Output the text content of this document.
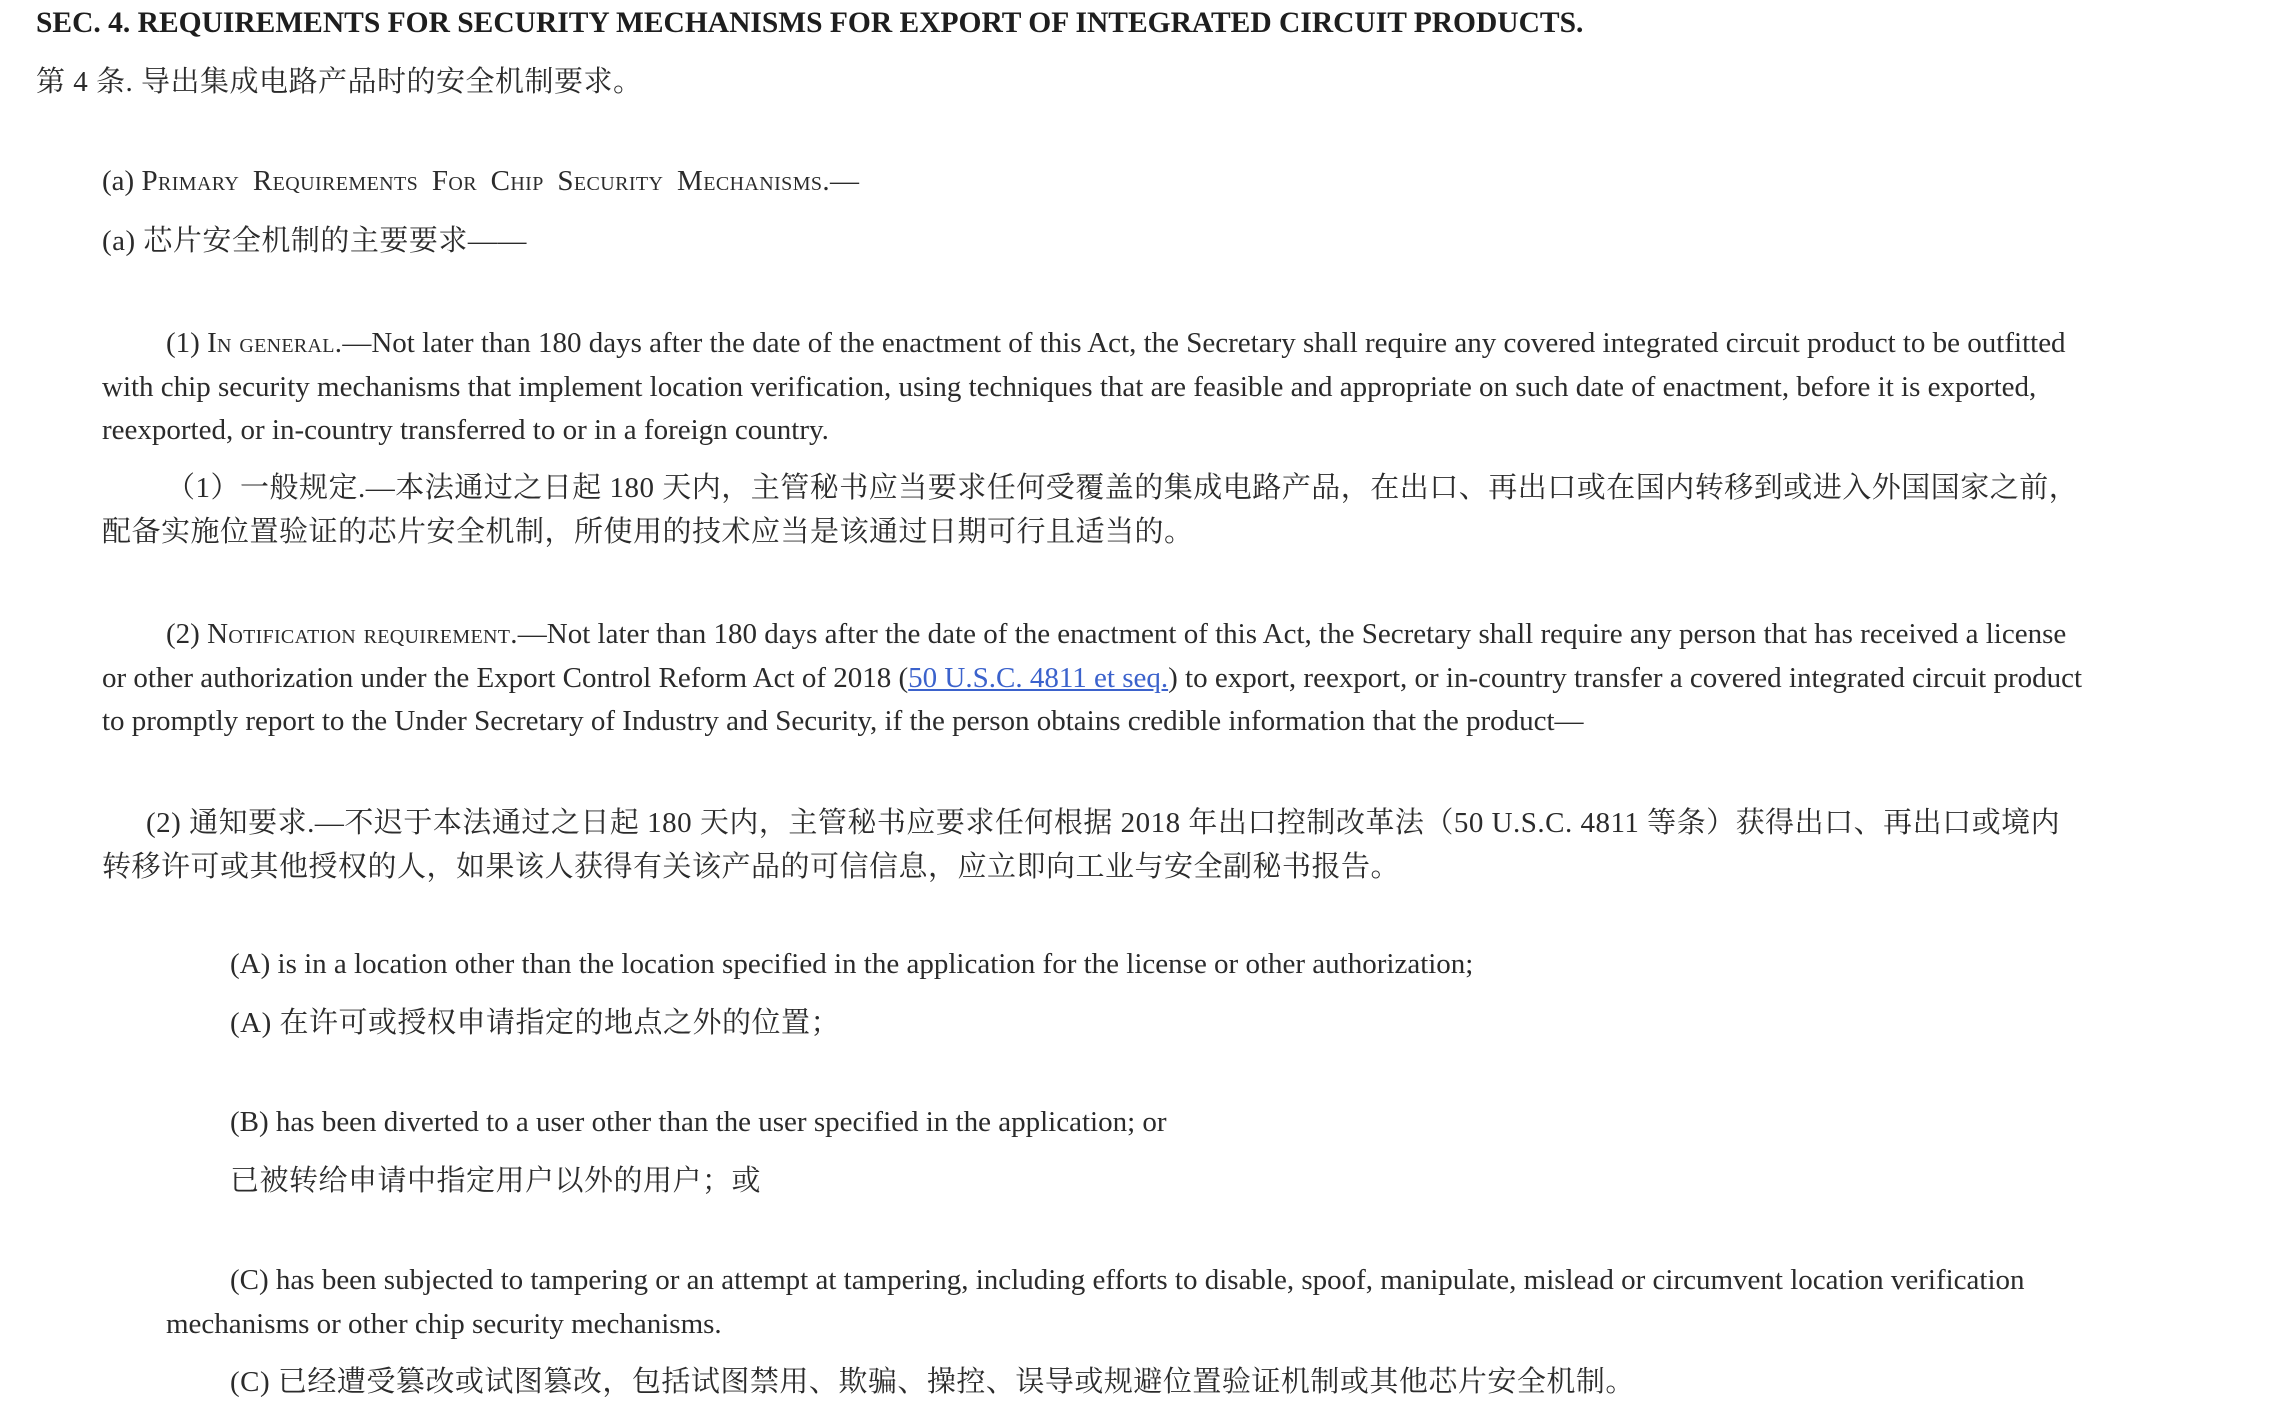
SEC. 4. REQUIREMENTS FOR SECURITY MECHANISMS FOR EXPORT OF INTEGRATED CIRCUIT PRODUCTS.
第 4 条. 导出集成电路产品时的安全机制要求。
(a) Primary Requirements For Chip Security Mechanisms.—
(a) 芯片安全机制的主要要求——

(1) In general.—Not later than 180 days after the date of the enactment of this Act, the Secretary shall require any covered integrated circuit product to be outfitted with chip security mechanisms that implement location verification, using techniques that are feasible and appropriate on such date of enactment, before it is exported, reexported, or in-country transferred to or in a foreign country.

（1）一般规定.—本法通过之日起 180 天内，主管秘书应当要求任何受覆盖的集成电路产品，在出口、再出口或在国内转移到或进入外国国家之前，配备实施位置验证的芯片安全机制，所使用的技术应当是该通过日期可行且适当的。

(2) Notification requirement.—Not later than 180 days after the date of the enactment of this Act, the Secretary shall require any person that has received a license or other authorization under the Export Control Reform Act of 2018 (50 U.S.C. 4811 et seq.) to export, reexport, or in-country transfer a covered integrated circuit product to promptly report to the Under Secretary of Industry and Security, if the person obtains credible information that the product—

(2) 通知要求.—不迟于本法通过之日起 180 天内，主管秘书应要求任何根据 2018 年出口控制改革法（50 U.S.C. 4811 等条）获得出口、再出口或境内转移许可或其他授权的人，如果该人获得有关该产品的可信信息，应立即向工业与安全副秘书报告。

(A) is in a location other than the location specified in the application for the license or other authorization;

(A) 在许可或授权申请指定的地点之外的位置；

(B) has been diverted to a user other than the user specified in the application; or

已被转给申请中指定用户以外的用户；或

(C) has been subjected to tampering or an attempt at tampering, including efforts to disable, spoof, manipulate, mislead or circumvent location verification mechanisms or other chip security mechanisms.

(C) 已经遭受篡改或试图篡改，包括试图禁用、欺骗、操控、误导或规避位置验证机制或其他芯片安全机制。
